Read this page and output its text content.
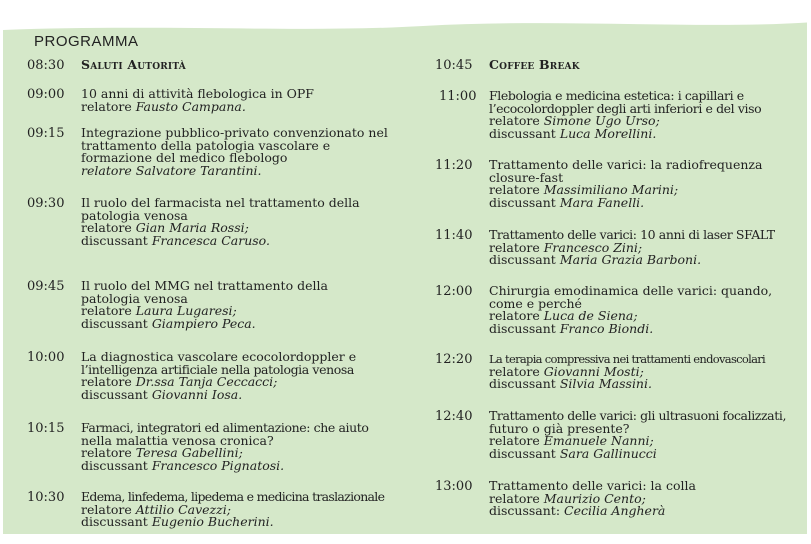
PROGRAMMA
08:30	Saluti Autorità
09:00	10 anni di attività flebologica in OPF
relatore Fausto Campana.
09:15	Integrazione pubblico-privato convenzionato nel
trattamento della patologia vascolare e
formazione del medico flebologo
relatore Salvatore Tarantini.
09:30	Il ruolo del farmacista nel trattamento della
patologia venosa
relatore Gian Maria Rossi;
discussant Francesca Caruso.
09:45	Il ruolo del MMG nel trattamento della
patologia venosa
relatore Laura Lugaresi;
discussant Giampiero Peca.
10:00	La diagnostica vascolare ecocolordoppler e
l’intelligenza artificiale nella patologia venosa
relatore Dr.ssa Tanja Ceccacci;
discussant Giovanni Iosa.
10:15	Farmaci, integratori ed alimentazione: che aiuto
nella malattia venosa cronica?
relatore Teresa Gabellini;
discussant Francesco Pignatosi.
10:30	Edema, linfedema, lipedema e medicina traslazionale
relatore Attilio Cavezzi;
discussant Eugenio Bucherini.
10:45	Coffee Break
11:00	Flebologia e medicina estetica: i capillari e
l’ecocolordoppler degli arti inferiori e del viso
relatore Simone Ugo Urso;
discussant Luca Morellini.
11:20	Trattamento delle varici: la radiofrequenza
closure-fast
relatore Massimiliano Marini;
discussant Mara Fanelli.
11:40	Trattamento delle varici: 10 anni di laser SFALT
relatore Francesco Zini;
discussant Maria Grazia Barboni.
12:00	Chirurgia emodinamica delle varici: quando,
come e perché
relatore Luca de Siena;
discussant Franco Biondi.
12:20	La terapia compressiva nei trattamenti endovascolari
relatore Giovanni Mosti;
discussant Silvia Massini.
12:40	Trattamento delle varici: gli ultrasuoni focalizzati,
futuro o già presente?
relatore Emanuele Nanni;
discussant Sara Gallinucci
13:00	Trattamento delle varici: la colla
relatore Maurizio Cento;
discussant: Cecilia Angherà
